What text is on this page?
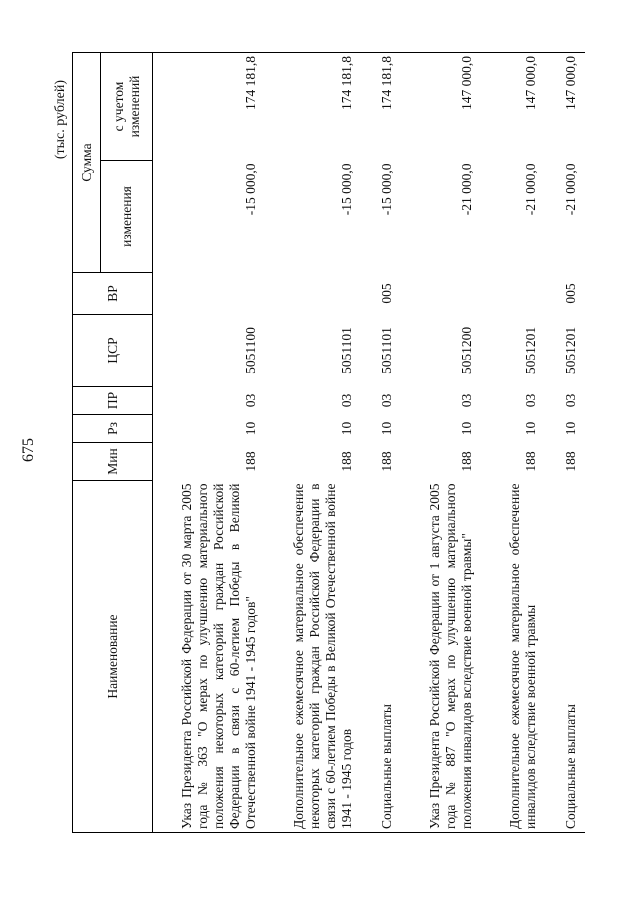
675
(тыс. рублей)
Наименование	Мин	Рз	ПР	ЦСР	ВР	Сумма	
						изменения	с учетом изменений
Указ Президента Российской Федерации от 30 марта 2005 года № 363 "О мерах по улучшению материального положения некоторых категорий граждан Российской Федерации в связи с 60-летием Победы в Великой Отечественной войне 1941 - 1945 годов"	188	10	03	5051100		-15 000,0	174 181,8
Дополнительное ежемесячное материальное обеспечение некоторых категорий граждан Российской Федерации в связи с 60-летием Победы в Великой Отечественной войне 1941 - 1945 годов	188	10	03	5051101		-15 000,0	174 181,8
Социальные выплаты	188	10	03	5051101	005	-15 000,0	174 181,8
Указ Президента Российской Федерации от 1 августа 2005 года № 887 "О мерах по улучшению материального положения инвалидов вследствие военной травмы"	188	10	03	5051200		-21 000,0	147 000,0
Дополнительное ежемесячное материальное обеспечение инвалидов вследствие военной травмы	188	10	03	5051201		-21 000,0	147 000,0
Социальные выплаты	188	10	03	5051201	005	-21 000,0	147 000,0
